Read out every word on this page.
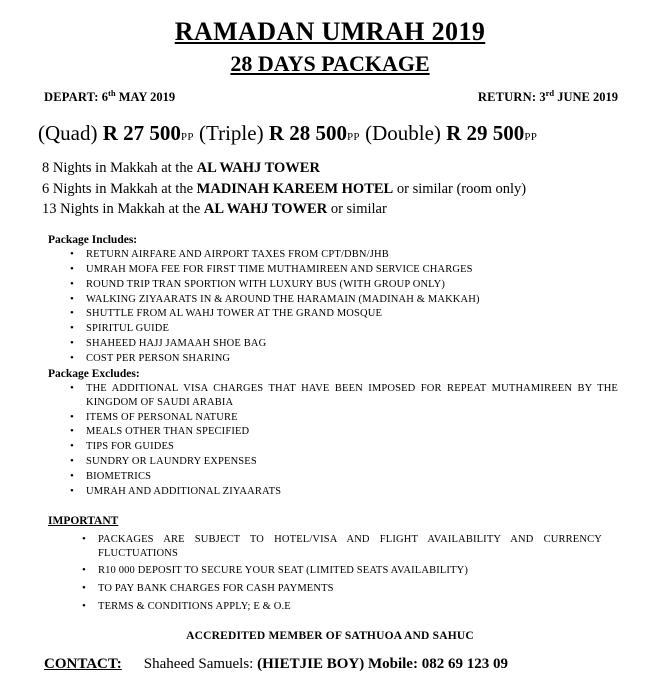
RAMADAN UMRAH 2019
28 DAYS PACKAGE
DEPART: 6th MAY 2019	RETURN: 3rd JUNE 2019
(Quad) R 27 500PP (Triple) R 28 500PP (Double) R 29 500PP
8 Nights in Makkah at the AL WAHJ TOWER
6 Nights in Makkah at the MADINAH KAREEM HOTEL or similar (room only)
13 Nights in Makkah at the AL WAHJ TOWER or similar
Package Includes:
• RETURN AIRFARE AND AIRPORT TAXES FROM CPT/DBN/JHB
• UMRAH MOFA FEE FOR FIRST TIME MUTHAMIREEN AND SERVICE CHARGES
• ROUND TRIP TRAN SPORTION WITH LUXURY BUS (WITH GROUP ONLY)
• WALKING ZIYAARATS IN & AROUND THE HARAMAIN (MADINAH & MAKKAH)
• SHUTTLE FROM AL WAHJ TOWER AT THE GRAND MOSQUE
• SPIRITUL GUIDE
• SHAHEED HAJJ JAMAAH SHOE BAG
• COST PER PERSON SHARING
Package Excludes:
• THE ADDITIONAL VISA CHARGES THAT HAVE BEEN IMPOSED FOR REPEAT MUTHAMIREEN BY THE KINGDOM OF SAUDI ARABIA
• ITEMS OF PERSONAL NATURE
• MEALS OTHER THAN SPECIFIED
• TIPS FOR GUIDES
• SUNDRY OR LAUNDRY EXPENSES
• BIOMETRICS
• UMRAH AND ADDITIONAL ZIYAARATS
IMPORTANT
• PACKAGES ARE SUBJECT TO HOTEL/VISA AND FLIGHT AVAILABILITY AND CURRENCY FLUCTUATIONS
• R10 000 DEPOSIT TO SECURE YOUR SEAT (LIMITED SEATS AVAILABILITY)
• TO PAY BANK CHARGES FOR CASH PAYMENTS
• TERMS & CONDITIONS APPLY; E & O.E
ACCREDITED MEMBER OF SATHUOA AND SAHUC
CONTACT: Shaheed Samuels: (HIETJIE BOY) Mobile: 082 69 123 09
